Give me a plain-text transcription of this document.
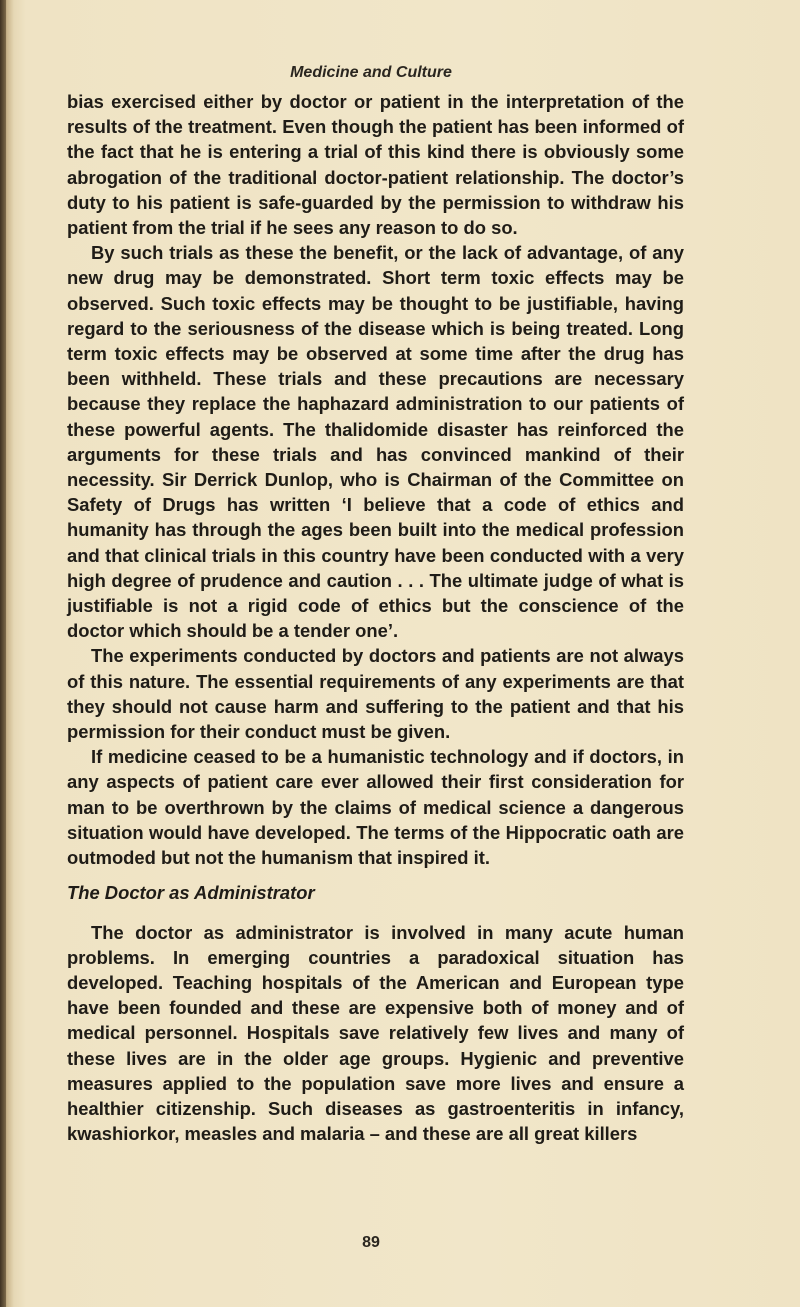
Medicine and Culture

bias exercised either by doctor or patient in the interpretation of the results of the treatment. Even though the patient has been informed of the fact that he is entering a trial of this kind there is obviously some abrogation of the traditional doctor-patient relationship. The doctor’s duty to his patient is safe-guarded by the permission to withdraw his patient from the trial if he sees any reason to do so.

By such trials as these the benefit, or the lack of advantage, of any new drug may be demonstrated. Short term toxic effects may be observed. Such toxic effects may be thought to be justifiable, having regard to the seriousness of the disease which is being treated. Long term toxic effects may be observed at some time after the drug has been withheld. These trials and these precautions are necessary because they replace the haphazard administration to our patients of these powerful agents. The thalidomide disaster has reinforced the arguments for these trials and has convinced mankind of their necessity. Sir Derrick Dunlop, who is Chairman of the Committee on Safety of Drugs has written ‘I believe that a code of ethics and humanity has through the ages been built into the medical profession and that clinical trials in this country have been conducted with a very high degree of prudence and caution . . . The ultimate judge of what is justifiable is not a rigid code of ethics but the conscience of the doctor which should be a tender one’.

The experiments conducted by doctors and patients are not always of this nature. The essential requirements of any experiments are that they should not cause harm and suffering to the patient and that his permission for their conduct must be given.

If medicine ceased to be a humanistic technology and if doctors, in any aspects of patient care ever allowed their first consideration for man to be overthrown by the claims of medical science a dangerous situation would have developed. The terms of the Hippocratic oath are outmoded but not the humanism that inspired it.

The Doctor as Administrator

The doctor as administrator is involved in many acute human problems. In emerging countries a paradoxical situation has developed. Teaching hospitals of the American and European type have been founded and these are expensive both of money and of medical personnel. Hospitals save relatively few lives and many of these lives are in the older age groups. Hygienic and preventive measures applied to the population save more lives and ensure a healthier citizenship. Such diseases as gastroenteritis in infancy, kwashiorkor, measles and malaria – and these are all great killers

89
